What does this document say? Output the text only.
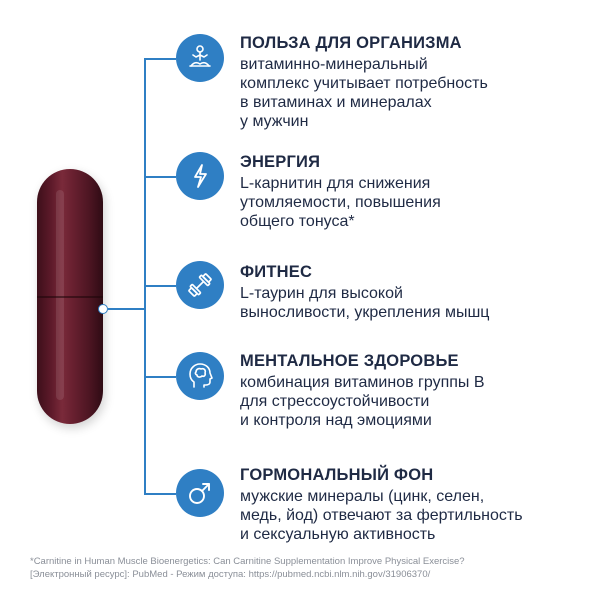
ПОЛЬЗА ДЛЯ ОРГАНИЗМА
витаминно-минеральный
комплекс учитывает потребность
в витаминах и минералах
у мужчин
ЭНЕРГИЯ
L-карнитин для снижения
утомляемости, повышения
общего тонуса*
ФИТНЕС
L-таурин для высокой
выносливости, укрепления мышц
МЕНТАЛЬНОЕ ЗДОРОВЬЕ
комбинация витаминов группы В
для стрессоустойчивости
и контроля над эмоциями
ГОРМОНАЛЬНЫЙ ФОН
мужские минералы (цинк, селен,
медь, йод) отвечают за фертильность
и сексуальную активность
*Carnitine in Human Muscle Bioenergetics: Can Carnitine Supplementation Improve Physical Exercise?
[Электронный ресурс]: PubMed - Режим доступа: https://pubmed.ncbi.nlm.nih.gov/31906370/
